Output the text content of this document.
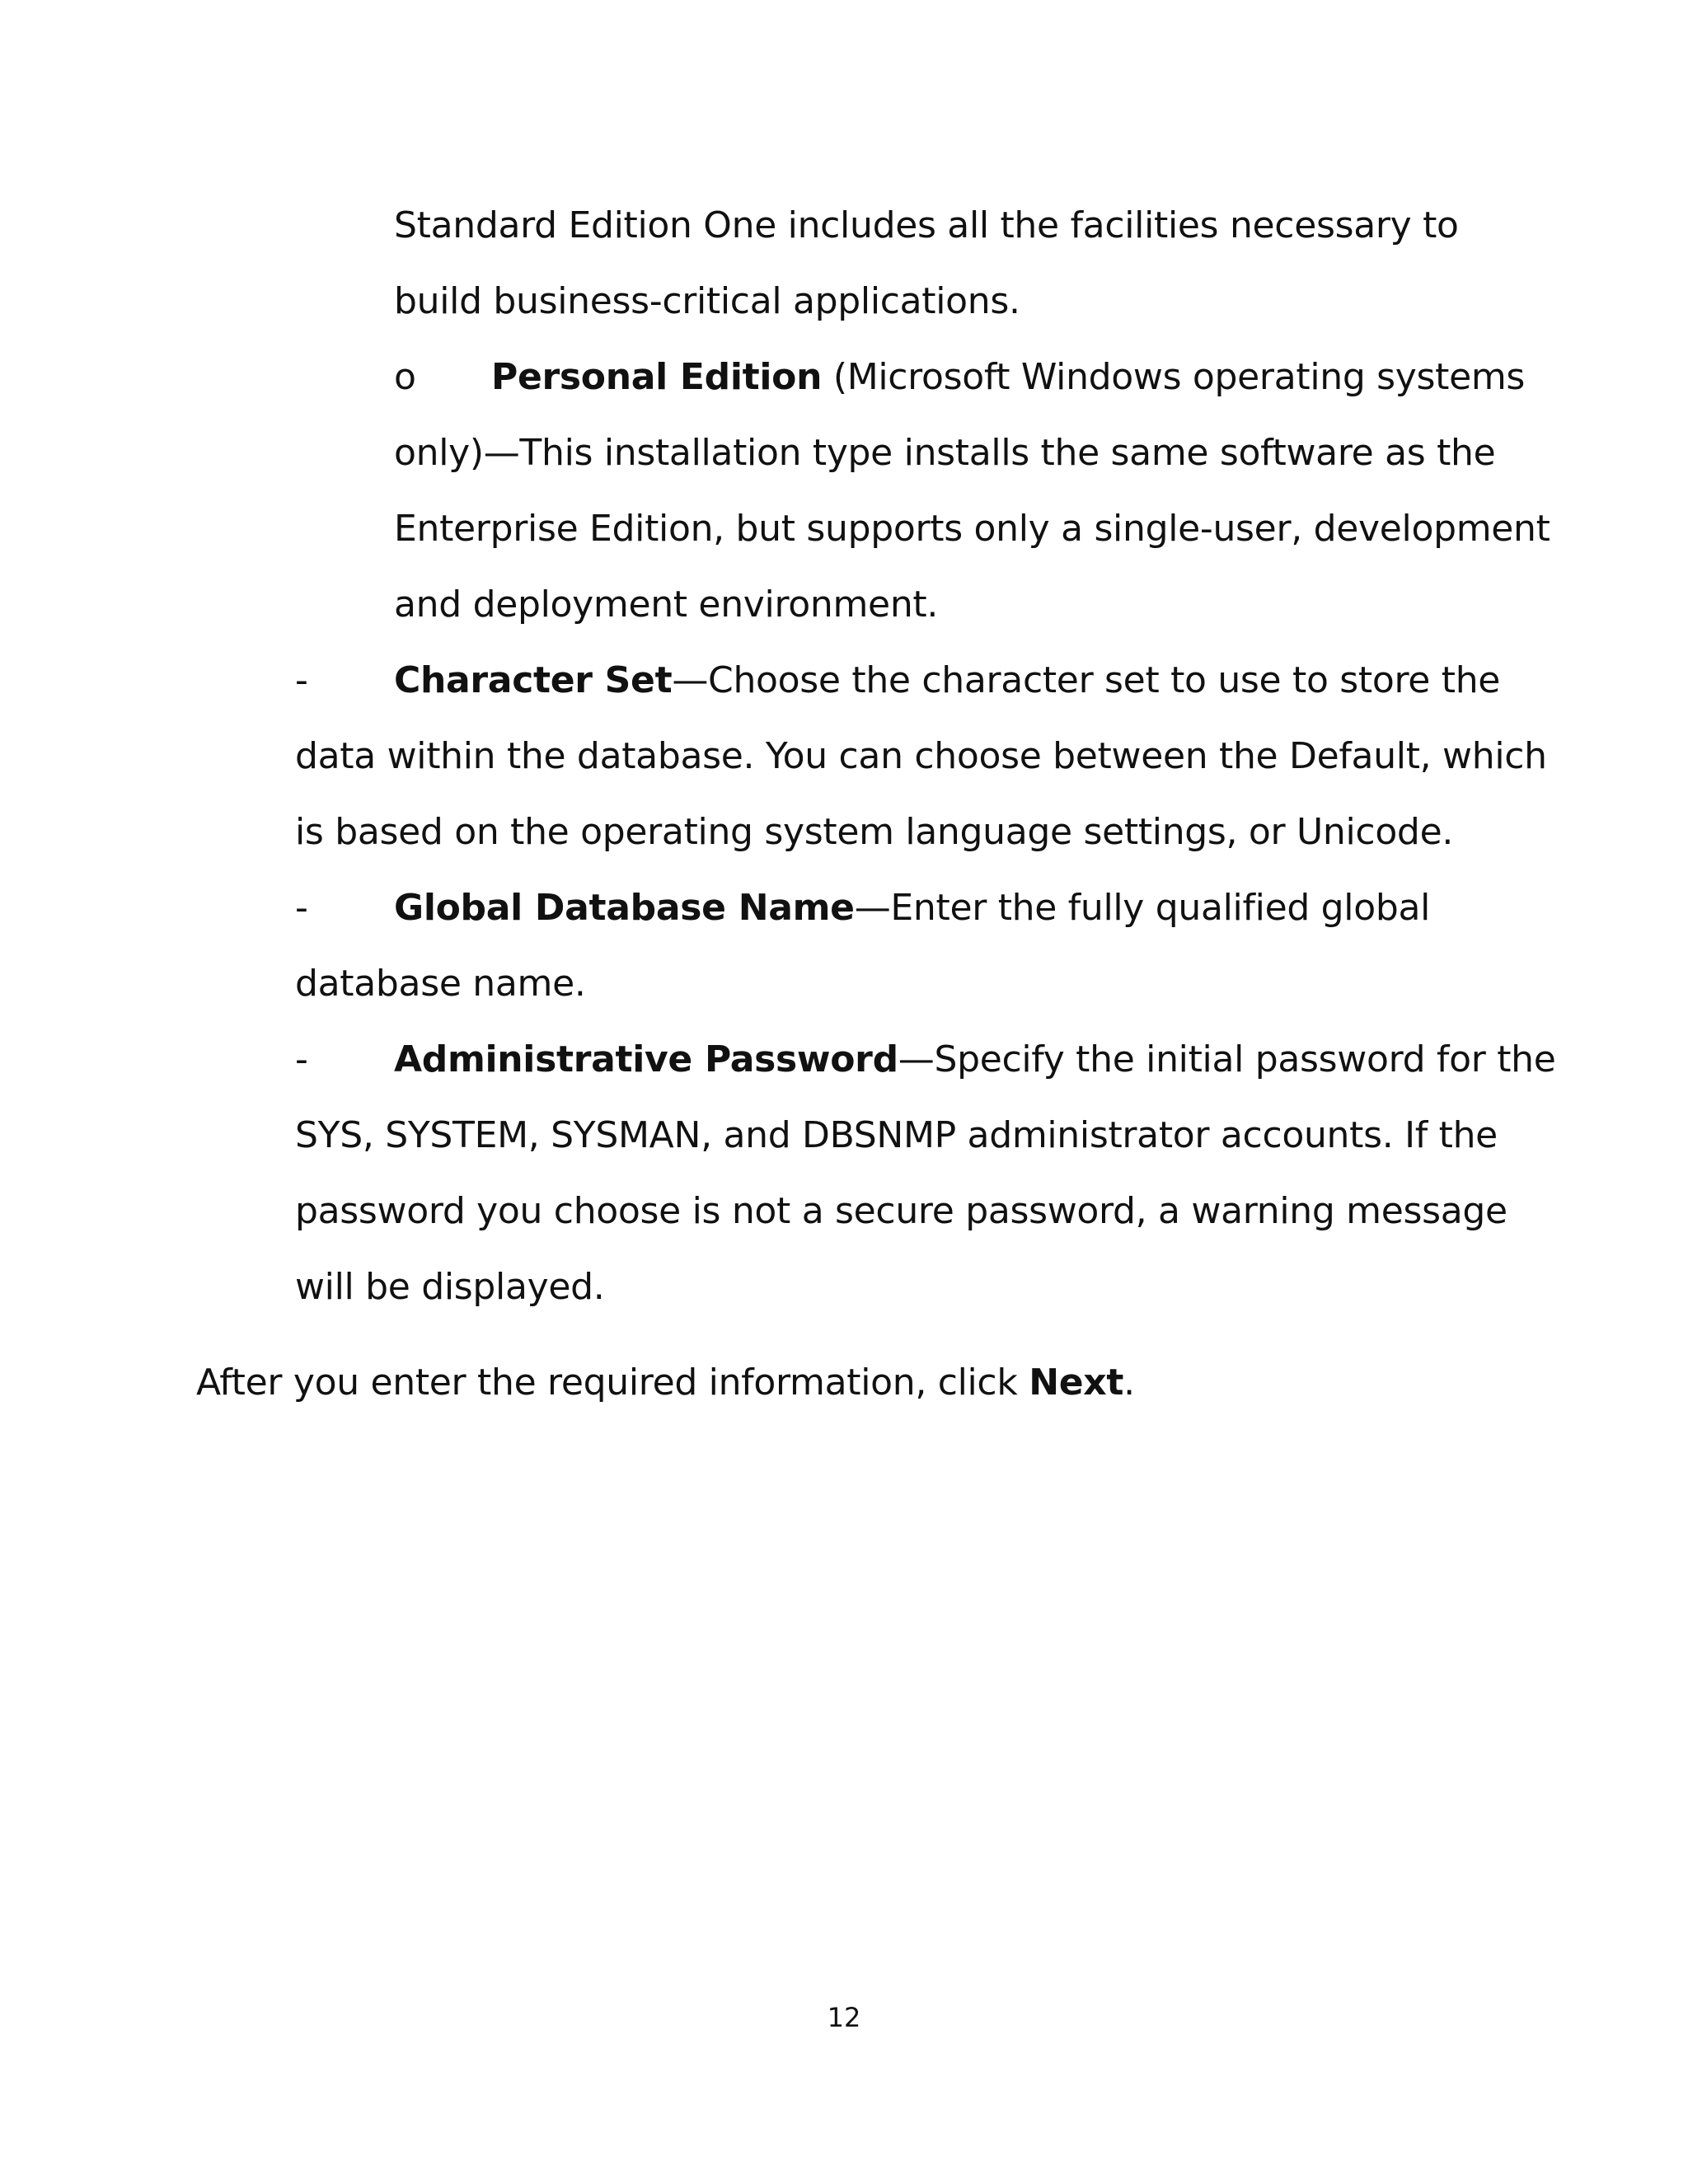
Standard Edition One includes all the facilities necessary to
build business-critical applications.
o Personal Edition (Microsoft Windows operating systems
only)—This installation type installs the same software as the
Enterprise Edition, but supports only a single-user, development
and deployment environment.
- Character Set—Choose the character set to use to store the
data within the database. You can choose between the Default, which
is based on the operating system language settings, or Unicode.
- Global Database Name—Enter the fully qualified global
database name.
- Administrative Password—Specify the initial password for the
SYS, SYSTEM, SYSMAN, and DBSNMP administrator accounts. If the
password you choose is not a secure password, a warning message
will be displayed.
After you enter the required information, click Next.
12
